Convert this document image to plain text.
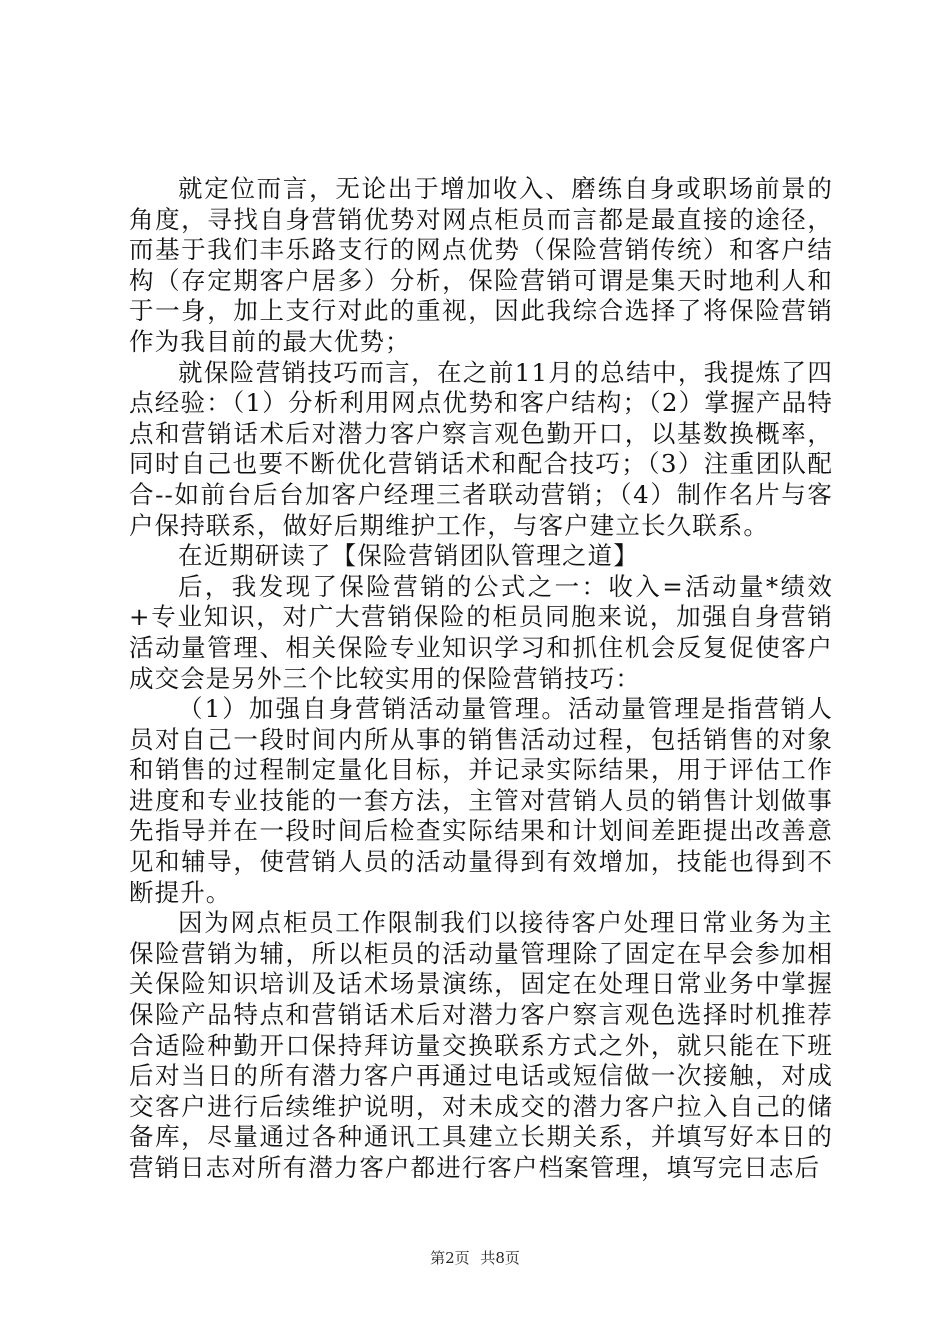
就定位而言，无论出于增加收入、磨练自身或职场前景的角度，寻找自身营销优势对网点柜员而言都是最直接的途径，而基于我们丰乐路支行的网点优势（保险营销传统）和客户结构（存定期客户居多）分析，保险营销可谓是集天时地利人和于一身，加上支行对此的重视，因此我综合选择了将保险营销作为我目前的最大优势；

就保险营销技巧而言，在之前11月的总结中，我提炼了四点经验：（1）分析利用网点优势和客户结构；（2）掌握产品特点和营销话术后对潜力客户察言观色勤开口，以基数换概率，同时自己也要不断优化营销话术和配合技巧；（3）注重团队配合--如前台后台加客户经理三者联动营销；（4）制作名片与客户保持联系，做好后期维护工作，与客户建立长久联系。

在近期研读了【保险营销团队管理之道】

后，我发现了保险营销的公式之一：收入=活动量*绩效+专业知识，对广大营销保险的柜员同胞来说，加强自身营销活动量管理、相关保险专业知识学习和抓住机会反复促使客户成交会是另外三个比较实用的保险营销技巧：

（1）加强自身营销活动量管理。活动量管理是指营销人员对自己一段时间内所从事的销售活动过程，包括销售的对象和销售的过程制定量化目标，并记录实际结果，用于评估工作进度和专业技能的一套方法，主管对营销人员的销售计划做事先指导并在一段时间后检查实际结果和计划间差距提出改善意见和辅导，使营销人员的活动量得到有效增加，技能也得到不断提升。

因为网点柜员工作限制我们以接待客户处理日常业务为主保险营销为辅，所以柜员的活动量管理除了固定在早会参加相关保险知识培训及话术场景演练，固定在处理日常业务中掌握保险产品特点和营销话术后对潜力客户察言观色选择时机推荐合适险种勤开口保持拜访量交换联系方式之外，就只能在下班后对当日的所有潜力客户再通过电话或短信做一次接触，对成交客户进行后续维护说明，对未成交的潜力客户拉入自己的储备库，尽量通过各种通讯工具建立长期关系，并填写好本日的营销日志对所有潜力客户都进行客户档案管理，填写完日志后

第2页 共8页
